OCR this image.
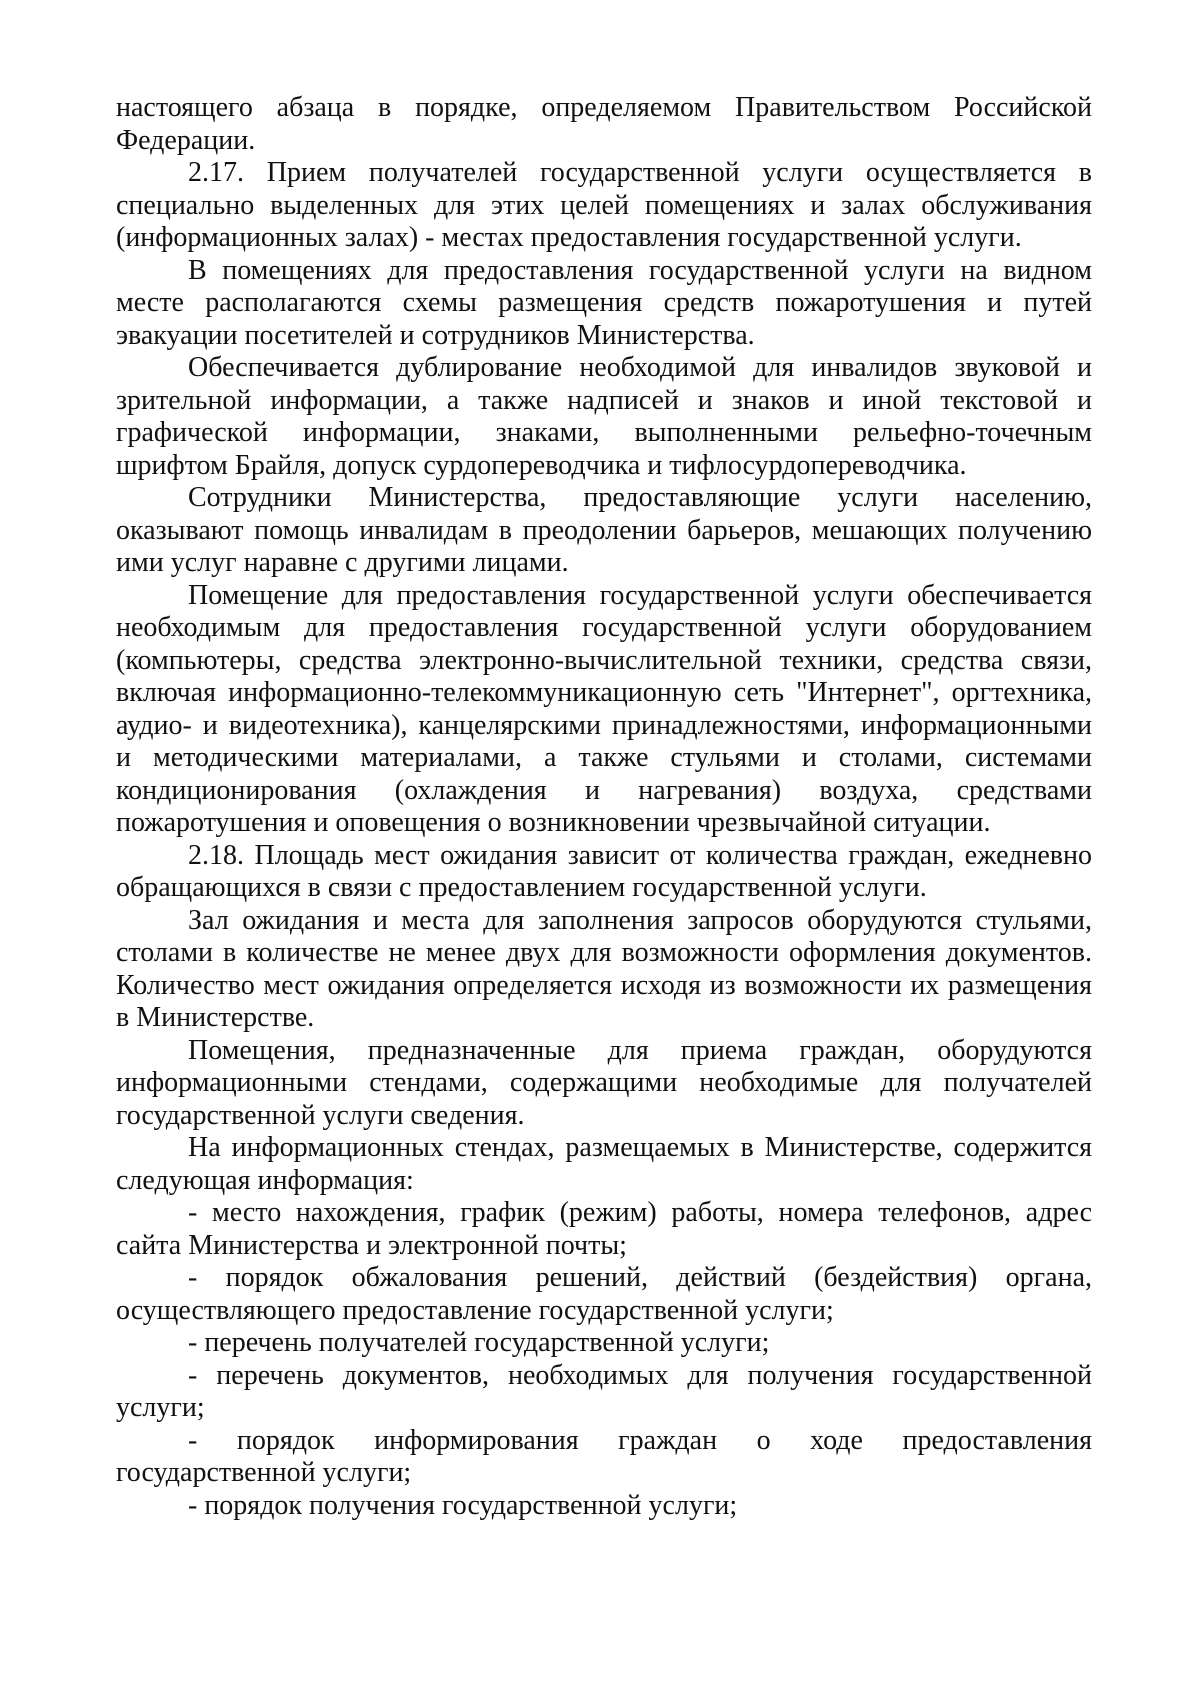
настоящего абзаца в порядке, определяемом Правительством Российской Федерации.

2.17. Прием получателей государственной услуги осуществляется в специально выделенных для этих целей помещениях и залах обслуживания (информационных залах) - местах предоставления государственной услуги.

В помещениях для предоставления государственной услуги на видном месте располагаются схемы размещения средств пожаротушения и путей эвакуации посетителей и сотрудников Министерства.

Обеспечивается дублирование необходимой для инвалидов звуковой и зрительной информации, а также надписей и знаков и иной текстовой и графической информации, знаками, выполненными рельефно-точечным шрифтом Брайля, допуск сурдопереводчика и тифлосурдопереводчика.

Сотрудники Министерства, предоставляющие услуги населению, оказывают помощь инвалидам в преодолении барьеров, мешающих получению ими услуг наравне с другими лицами.

Помещение для предоставления государственной услуги обеспечивается необходимым для предоставления государственной услуги оборудованием (компьютеры, средства электронно-вычислительной техники, средства связи, включая информационно-телекоммуникационную сеть "Интернет", оргтехника, аудио- и видеотехника), канцелярскими принадлежностями, информационными и методическими материалами, а также стульями и столами, системами кондиционирования (охлаждения и нагревания) воздуха, средствами пожаротушения и оповещения о возникновении чрезвычайной ситуации.

2.18. Площадь мест ожидания зависит от количества граждан, ежедневно обращающихся в связи с предоставлением государственной услуги.

Зал ожидания и места для заполнения запросов оборудуются стульями, столами в количестве не менее двух для возможности оформления документов. Количество мест ожидания определяется исходя из возможности их размещения в Министерстве.

Помещения, предназначенные для приема граждан, оборудуются информационными стендами, содержащими необходимые для получателей государственной услуги сведения.

На информационных стендах, размещаемых в Министерстве, содержится следующая информация:

- место нахождения, график (режим) работы, номера телефонов, адрес сайта Министерства и электронной почты;

- порядок обжалования решений, действий (бездействия) органа, осуществляющего предоставление государственной услуги;

- перечень получателей государственной услуги;

- перечень документов, необходимых для получения государственной услуги;

- порядок информирования граждан о ходе предоставления государственной услуги;

- порядок получения государственной услуги;
